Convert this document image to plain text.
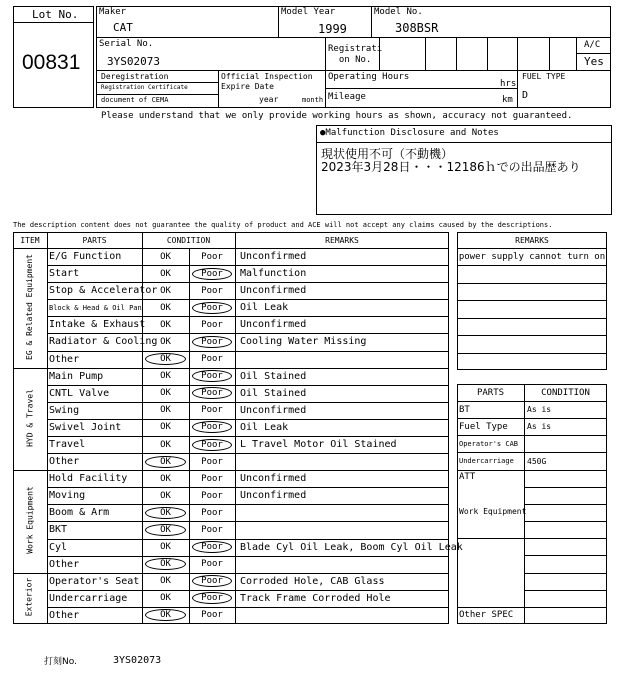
Lot No.
00831
Maker
CAT
Model Year
1999
Model No.
308BSR
Serial No.
3YS02073
Registrati
on No.
A/C
Yes
Deregistration
Registration Certificate
document of CEMA
Official Inspection
Expire Date
year	month
Operating Hours
hrs
Mileage	km
FUEL TYPE
D
Please understand that we only provide working hours as shown, accuracy not guaranteed.
●Malfunction Disclosure and Notes
現状使用不可（不動機）
2023年3月28日・・・12186ｈでの出品歴あり
The description content does not guarantee the quality of product and ACE will not accept any claims caused by the descriptions.
ITEM	PARTS	CONDITION	REMARKS
EG & Related Equipment E/G Function	OK	Poor	Unconfirmed
Start	OK	Poor	Malfunction
Stop & Accelerator OK	Poor	Unconfirmed
Block & Head & Oil Pan	OK	Poor	Oil Leak
Intake & Exhaust	OK	Poor	Unconfirmed
Radiator & Cooling OK	Poor	Cooling Water Missing
Other	OK	Poor
HYD & Travel
Main Pump	OK	Poor	Oil Stained
CNTL Valve	OK	Poor	Oil Stained
Swing	OK	Poor	Unconfirmed
Swivel Joint	OK	Poor	Oil Leak
Travel	OK	Poor	L Travel Motor Oil Stained
Other	OK	Poor
Work Equipment
Hold Facility	OK	Poor	Unconfirmed
Moving	OK	Poor	Unconfirmed
Boom & Arm	OK	Poor
BKT	OK	Poor
Cyl	OK	Poor	Blade Cyl Oil Leak, Boom Cyl Oil Leak
Other	OK	Poor
Exterior Operator's Seat	OK	Poor	Corroded Hole, CAB Glass
Undercarriage	OK	Poor	Track Frame Corroded Hole
Other	OK	Poor
REMARKS
power supply cannot turn on
PARTS	CONDITION
BT	As is
Fuel Type	As is
Operator's CAB
Undercarriage	450G
ATT
Work Equipment
Other SPEC
打刻No.	3YS02073
